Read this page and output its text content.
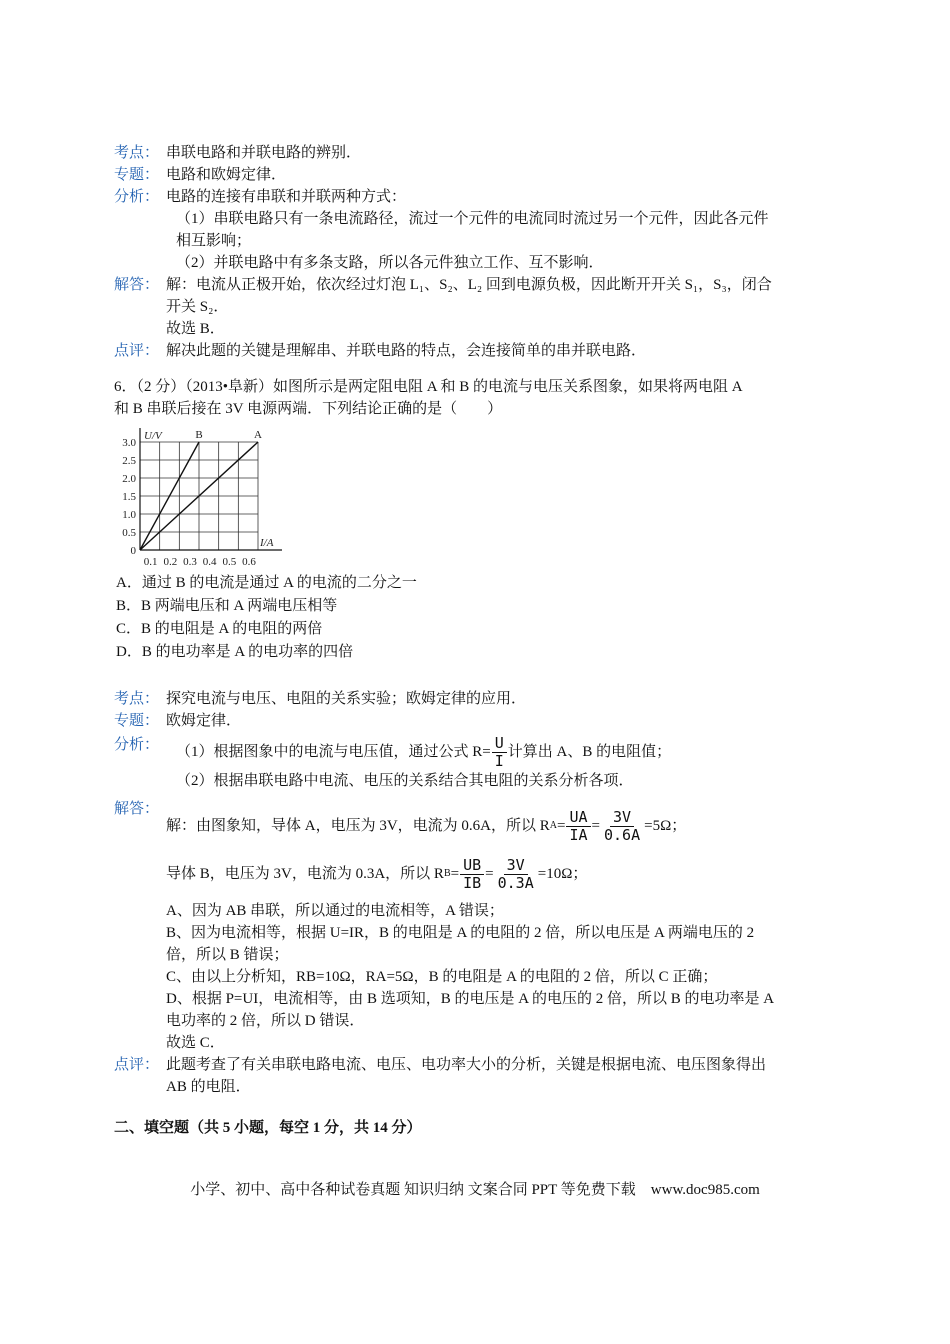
考点： 串联电路和并联电路的辨别．
专题： 电路和欧姆定律．
分析： 电路的连接有串联和并联两种方式：
（1）串联电路只有一条电流路径，流过一个元件的电流同时流过另一个元件，因此各元件
相互影响；
（2）并联电路中有多条支路，所以各元件独立工作、互不影响．
解答： 解：电流从正极开始，依次经过灯泡 L₁、S₂、L₂ 回到电源负极，因此断开开关 S₁，S₃，闭合
开关 S₂．
故选 B．
点评： 解决此题的关键是理解串、并联电路的特点，会连接简单的串并联电路．
6．（2 分）（2013•阜新）如图所示是两定阻电阻 A 和 B 的电流与电压关系图象，如果将两电阻 A
和 B 串联后接在 3V 电源两端．下列结论正确的是（　　）
0
0.5
1.0
1.5
2.0
2.5
3.0
0.1 0.2 0.3 0.4 0.5 0.6
U/V
I/A
B	A
A．通过 B 的电流是通过 A 的电流的二分之一
B．B 两端电压和 A 两端电压相等
C．B 的电阻是 A 的电阻的两倍
D．B 的电功率是 A 的电功率的四倍
考点： 探究电流与电压、电阻的关系实验；欧姆定律的应用．
专题： 欧姆定律．
分析：	（1）根据图象中的电流与电压值，通过公式 $R= \frac{U}{I}$ 计算出 A、B 的电阻值；
（2）根据串联电路中电流、电压的关系结合其电阻的关系分析各项．
解答：
解：由图象知，导体 A，电压为 3V，电流为 0.6A，所以 R $A = \frac{UA}{IA} = \frac{3V}{0.6A} =5\Omega$；
导体 B，电压为 3V，电流为 0.3A，所以 R $B = \frac{UB}{IB} = \frac{3V}{0.3A} =10\Omega$；
A、因为 AB 串联，所以通过的电流相等，A 错误；
B、因为电流相等，根据 U=IR，B 的电阻是 A 的电阻的 2 倍，所以电压是 A 两端电压的 2
倍，所以 B 错误；
C、由以上分析知，RB=10Ω，RA=5Ω，B 的电阻是 A 的电阻的 2 倍，所以 C 正确；
D、根据 P=UI，电流相等，由 B 选项知，B 的电压是 A 的电压的 2 倍，所以 B 的电功率是 A
电功率的 2 倍，所以 D 错误．
故选 C．
点评： 此题考查了有关串联电路电流、电压、电功率大小的分析，关键是根据电流、电压图象得出
AB 的电阻．
二、填空题（共 5 小题，每空 1 分，共 14 分）
小学、初中、高中各种试卷真题 知识归纳 文案合同 PPT 等免费下载　www.doc985.com
